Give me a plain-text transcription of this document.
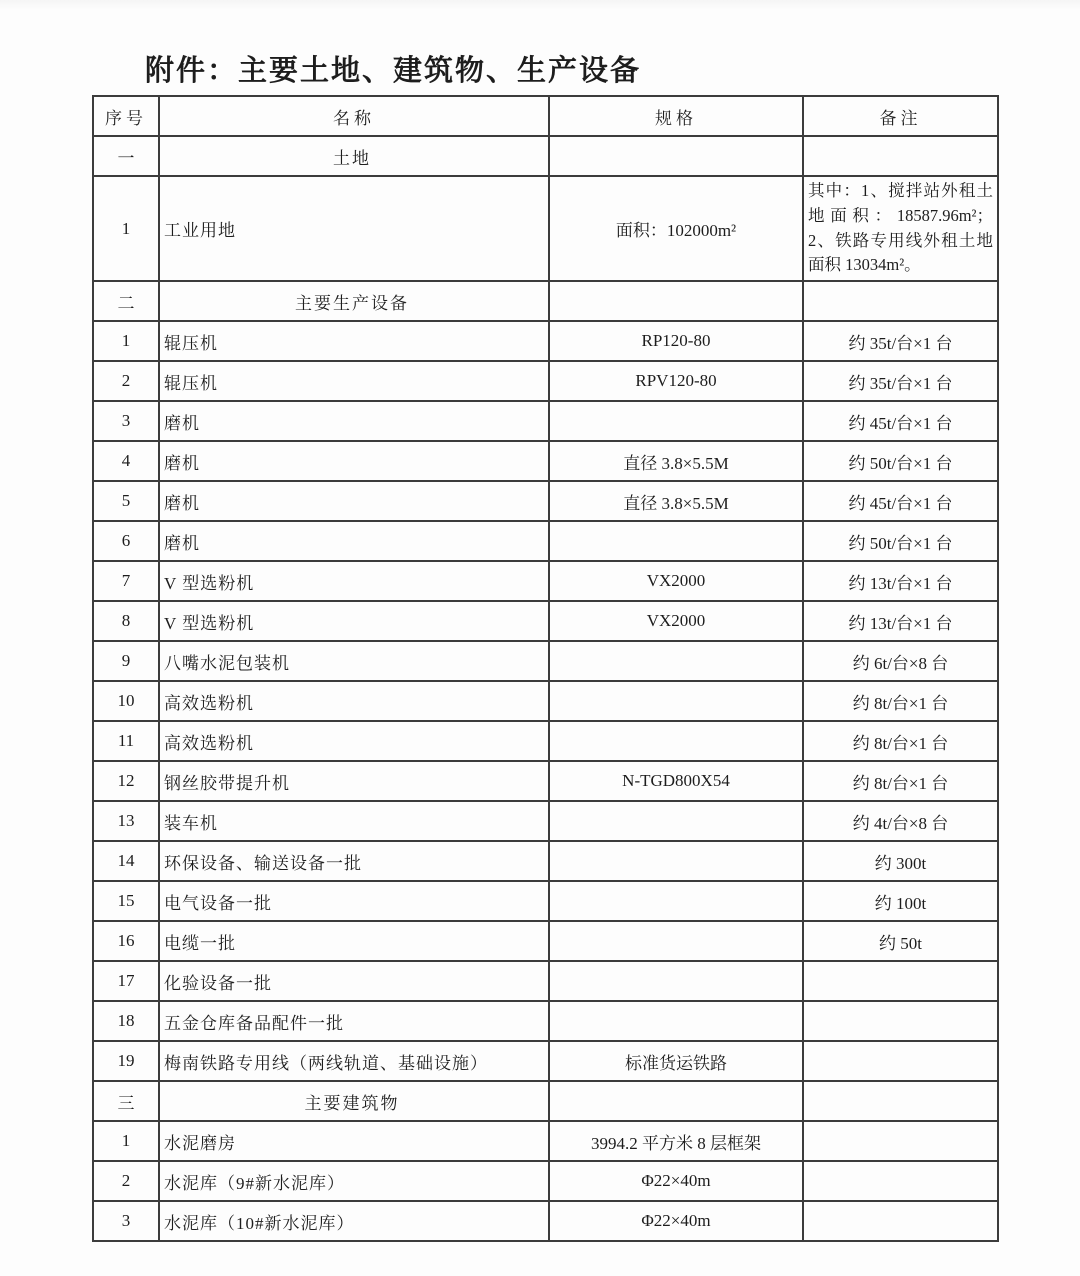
附件：主要土地、建筑物、生产设备
序号	名称	规格	备注
一	土地		
1	工业用地	面积：102000m²	其中：1、搅拌站外租土地面积：18587.96m²；2、铁路专用线外租土地面积 13034m²。
二	主要生产设备		
1	辊压机	RP120-80	约 35t/台×1 台
2	辊压机	RPV120-80	约 35t/台×1 台
3	磨机		约 45t/台×1 台
4	磨机	直径 3.8×5.5M	约 50t/台×1 台
5	磨机	直径 3.8×5.5M	约 45t/台×1 台
6	磨机		约 50t/台×1 台
7	V 型选粉机	VX2000	约 13t/台×1 台
8	V 型选粉机	VX2000	约 13t/台×1 台
9	八嘴水泥包装机		约 6t/台×8 台
10	高效选粉机		约 8t/台×1 台
11	高效选粉机		约 8t/台×1 台
12	钢丝胶带提升机	N-TGD800X54	约 8t/台×1 台
13	装车机		约 4t/台×8 台
14	环保设备、输送设备一批		约 300t
15	电气设备一批		约 100t
16	电缆一批		约 50t
17	化验设备一批		
18	五金仓库备品配件一批		
19	梅南铁路专用线（两线轨道、基础设施）	标准货运铁路	
三	主要建筑物		
1	水泥磨房	3994.2 平方米 8 层框架	
2	水泥库（9#新水泥库）	Φ22×40m	
3	水泥库（10#新水泥库）	Φ22×40m	
